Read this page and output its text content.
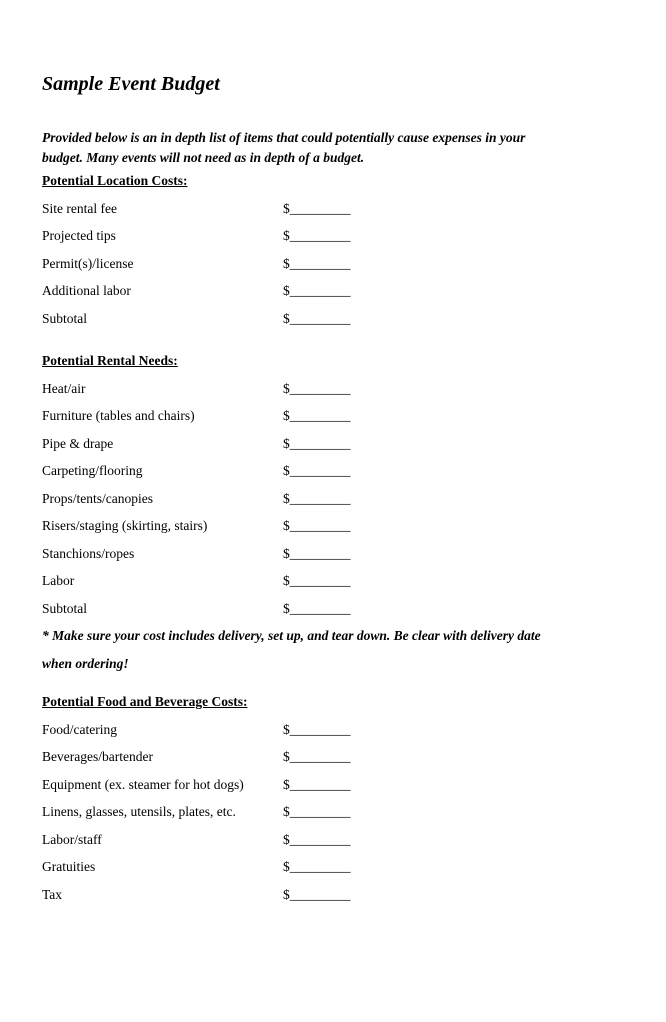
Sample Event Budget
Provided below is an in depth list of items that could potentially cause expenses in your
budget. Many events will not need as in depth of a budget.
Potential Location Costs:
Site rental fee	$_________
Projected tips	$_________
Permit(s)/license	$_________
Additional labor	$_________
Subtotal	$_________
Potential Rental Needs:
Heat/air	$_________
Furniture (tables and chairs)	$_________
Pipe & drape	$_________
Carpeting/flooring	$_________
Props/tents/canopies	$_________
Risers/staging (skirting, stairs)	$_________
Stanchions/ropes	$_________
Labor	$_________
Subtotal	$_________
* Make sure your cost includes delivery, set up, and tear down. Be clear with delivery date
when ordering!
Potential Food and Beverage Costs:
Food/catering	$_________
Beverages/bartender	$_________
Equipment (ex. steamer for hot dogs)	$_________
Linens, glasses, utensils, plates, etc.	$_________
Labor/staff	$_________
Gratuities	$_________
Tax	$_________
